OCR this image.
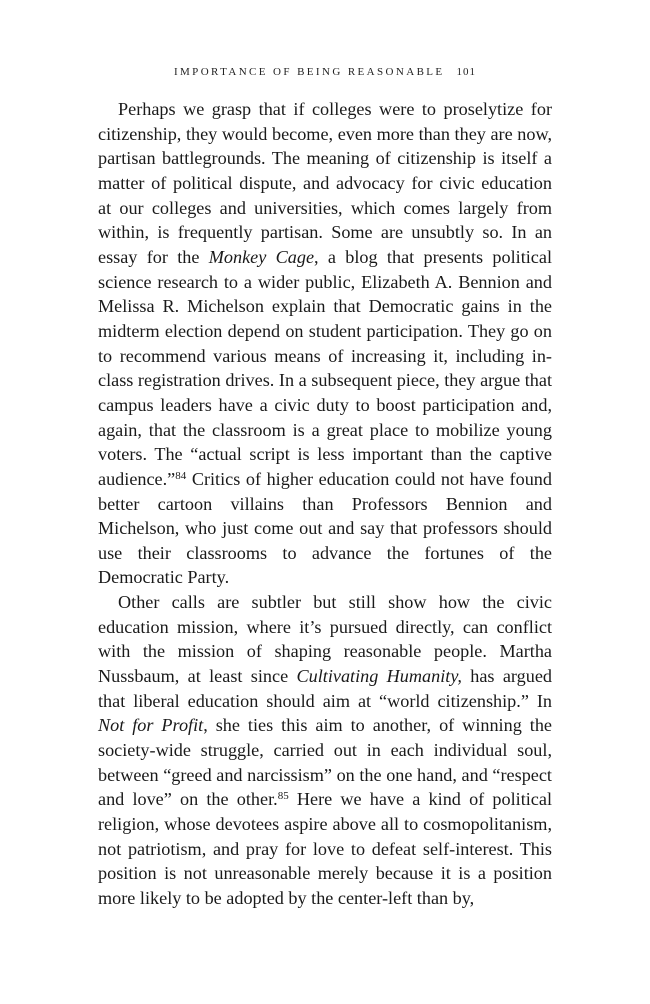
IMPORTANCE OF BEING REASONABLE 101

Perhaps we grasp that if colleges were to proselytize for citizenship, they would become, even more than they are now, partisan battlegrounds. The meaning of citizenship is itself a matter of political dispute, and advocacy for civic education at our colleges and universities, which comes largely from within, is frequently partisan. Some are unsubtly so. In an essay for the Monkey Cage, a blog that presents political science research to a wider public, Elizabeth A. Bennion and Melissa R. Michelson explain that Democratic gains in the midterm election depend on student participation. They go on to recommend various means of increasing it, including in-class registration drives. In a subsequent piece, they argue that campus leaders have a civic duty to boost participation and, again, that the classroom is a great place to mobilize young voters. The “actual script is less important than the captive audience.”$^{84}$ Critics of higher education could not have found better cartoon villains than Professors Bennion and Michelson, who just come out and say that professors should use their classrooms to advance the fortunes of the Democratic Party.

Other calls are subtler but still show how the civic education mission, where it’s pursued directly, can conflict with the mission of shaping reasonable people. Martha Nussbaum, at least since Cultivating Humanity, has argued that liberal education should aim at “world citizenship.” In Not for Profit, she ties this aim to another, of winning the society-wide struggle, carried out in each individual soul, between “greed and narcissism” on the one hand, and “respect and love” on the other.$^{85}$ Here we have a kind of political religion, whose devotees aspire above all to cosmopolitanism, not patriotism, and pray for love to defeat self-interest. This position is not unreasonable merely because it is a position more likely to be adopted by the center-left than by,
